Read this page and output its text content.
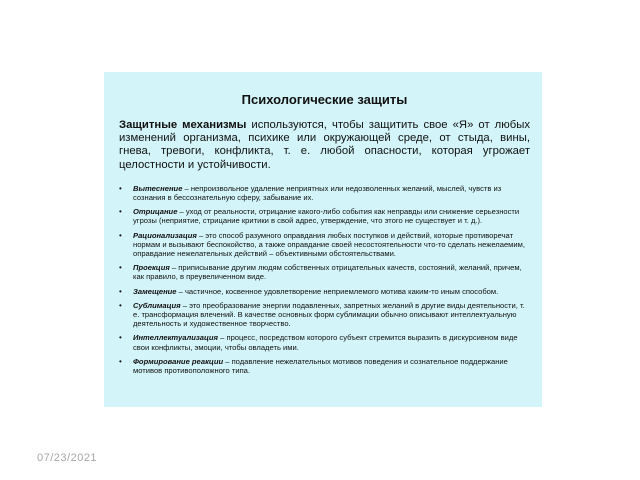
Психологические защиты

Защитные механизмы используются, чтобы защитить свое «Я» от любых изменений организма, психике или окружающей среде, от стыда, вины, гнева, тревоги, конфликта, т. е. любой опасности, которая угрожает целостности и устойчивости.

• Вытеснение – непроизвольное удаление неприятных или недозволенных желаний, мыслей, чувств из сознания в бессознательную сферу, забывание их.
• Отрицание – уход от реальности, отрицание какого-либо события как неправды или снижение серьезности угрозы (неприятие, стрицание критики в свой адрес, утверждение, что этого не существует и т. д.).
• Рационализация – это способ разумного оправдания любых поступков и действий, которые противоречат нормам и вызывают беспокойство, а также оправдание своей несостоятельности что-то сделать нежелаемим, оправдание нежелательных действий – объективными обстоятельствами.
• Проекция – приписывание другим людям собственных отрицательных качеств, состояний, желаний, причем, как правило, в преувеличенном виде.
• Замещение – частичное, косвенное удовлетворение неприемлемого мотива каким-то иным способом.
• Сублимация – это преобразование энергии подавленных, запретных желаний в другие виды деятельности, т. е. трансформация влечений. В качестве основных форм сублимации обычно описывают интеллектуальную деятельность и художественное творчество.
• Интеллектуализация – процесс, посредством которого субъект стремится выразить в дискурсивном виде свои конфликты, эмоции, чтобы овладеть ими.
• Формирование реакции – подавление нежелательных мотивов поведения и сознательное поддержание мотивов противоположного типа.
07/23/2021
